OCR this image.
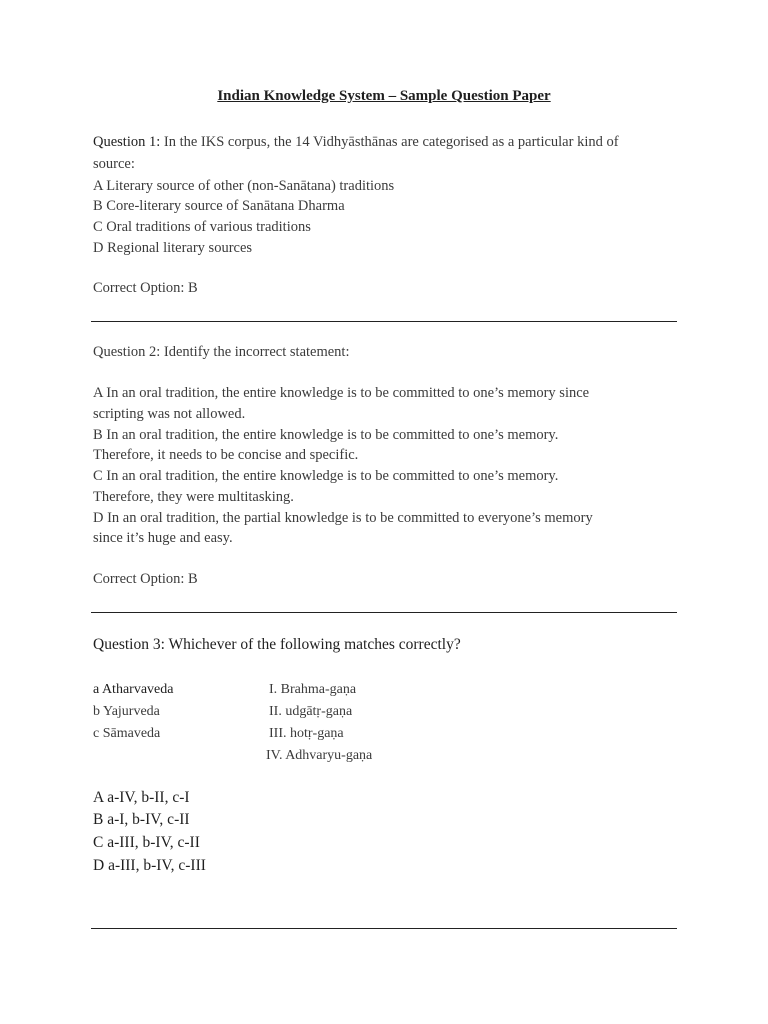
Indian Knowledge System – Sample Question Paper
Question 1: In the IKS corpus, the 14 Vidhyāsthānas are categorised as a particular kind of
source:
A Literary source of other (non-Sanātana) traditions
B Core-literary source of Sanātana Dharma
C Oral traditions of various traditions
D Regional literary sources
Correct Option: B
Question 2: Identify the incorrect statement:
A In an oral tradition, the entire knowledge is to be committed to one’s memory since
scripting was not allowed.
B In an oral tradition, the entire knowledge is to be committed to one’s memory.
Therefore, it needs to be concise and specific.
C In an oral tradition, the entire knowledge is to be committed to one’s memory.
Therefore, they were multitasking.
D In an oral tradition, the partial knowledge is to be committed to everyone’s memory
since it’s huge and easy.
Correct Option: B
Question 3: Whichever of the following matches correctly?
a Atharvaveda
b Yajurveda
c Sāmaveda
I. Brahma-gaṇa
II. udgātṛ-gaṇa
III. hotṛ-gaṇa
IV. Adhvaryu-gaṇa
A a-IV, b-II, c-I
B a-I, b-IV, c-II
C a-III, b-IV, c-II
D a-III, b-IV, c-III
